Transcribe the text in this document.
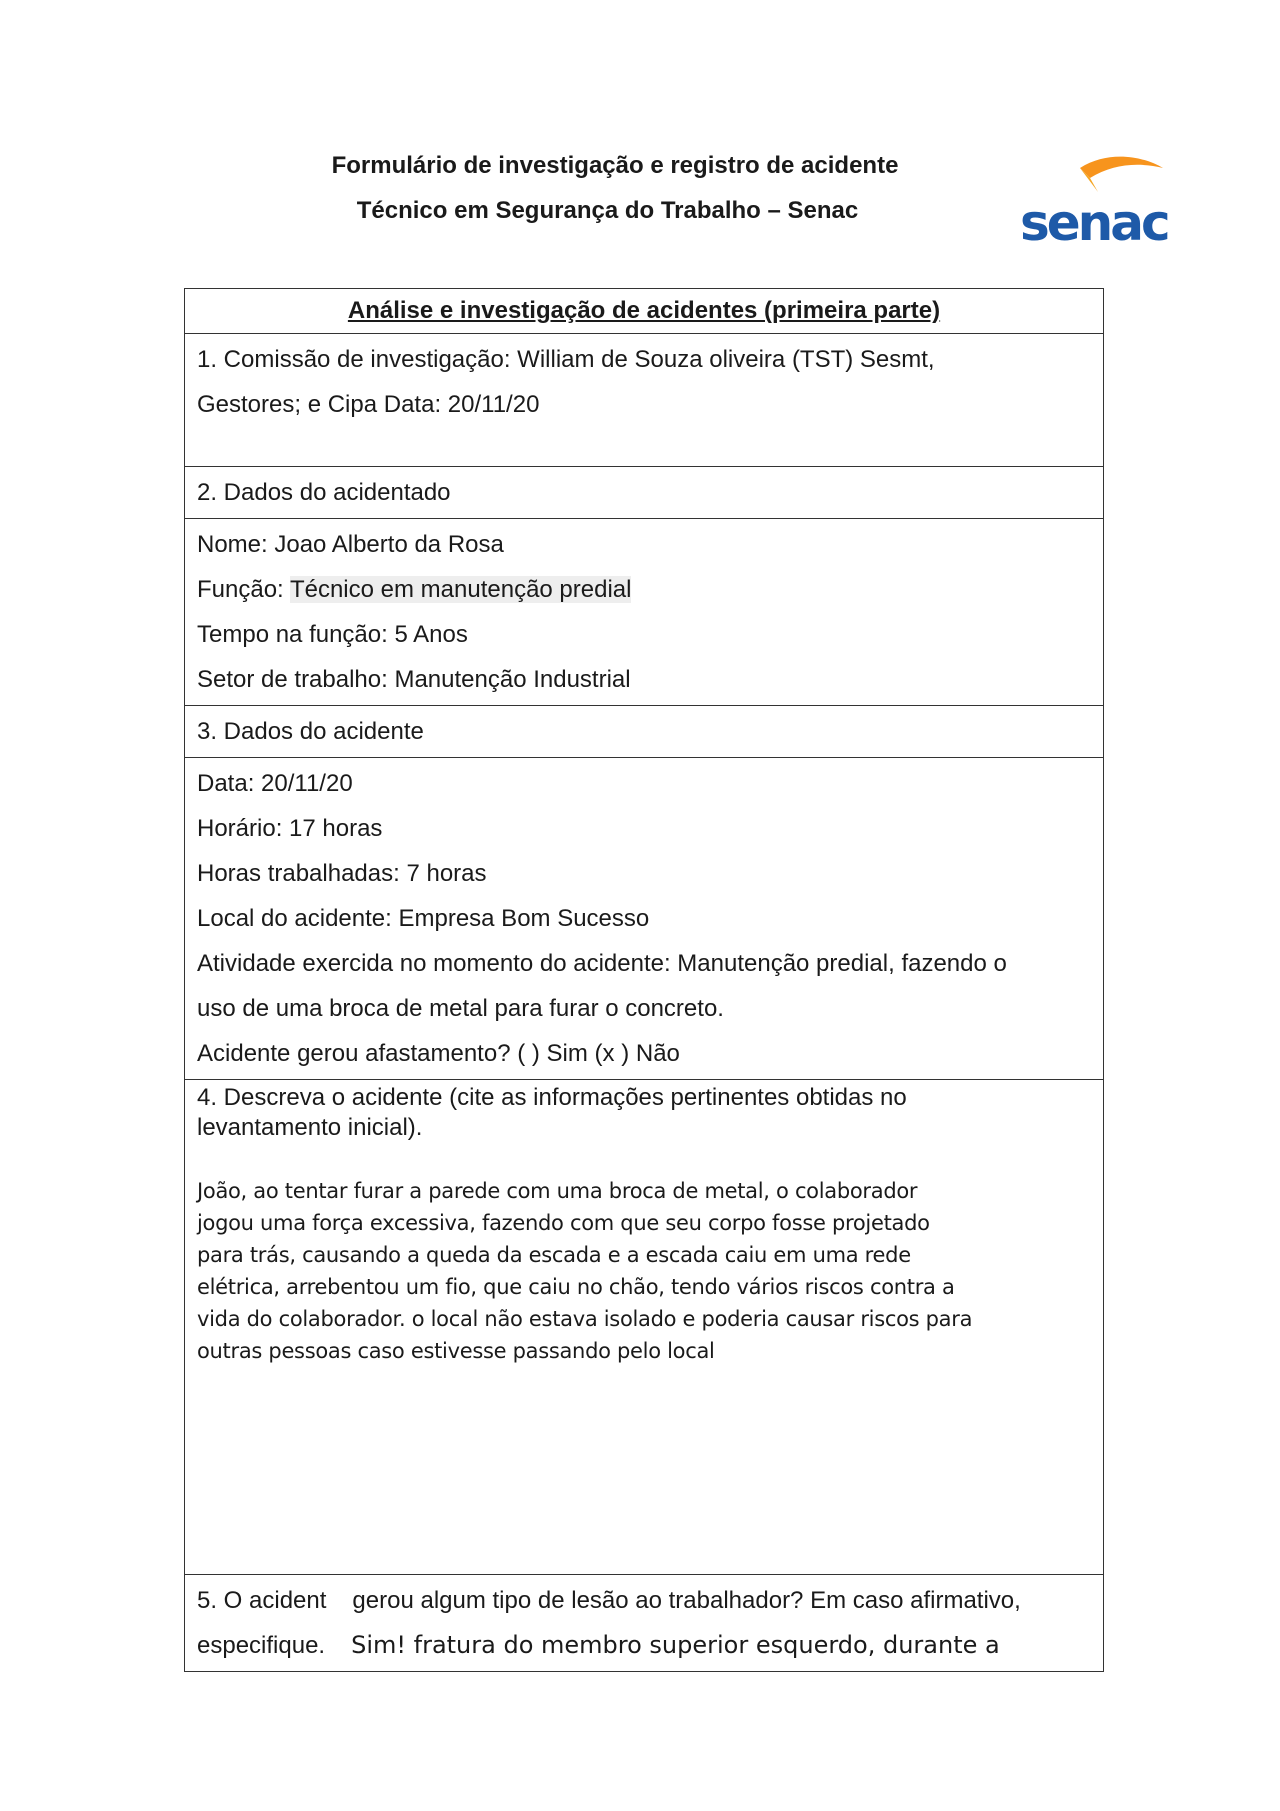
Formulário de investigação e registro de acidente
Técnico em Segurança do Trabalho – Senac	senac
Análise e investigação de acidentes (primeira parte)

1. Comissão de investigação: William de Souza oliveira (TST) Sesmt,
Gestores; e Cipa Data: 20/11/20

2. Dados do acidentado

Nome: Joao Alberto da Rosa
Função: Técnico em manutenção predial
Tempo na função: 5 Anos
Setor de trabalho: Manutenção Industrial

3. Dados do acidente

Data: 20/11/20
Horário: 17 horas
Horas trabalhadas: 7 horas
Local do acidente: Empresa Bom Sucesso
Atividade exercida no momento do acidente: Manutenção predial, fazendo o
uso de uma broca de metal para furar o concreto.
Acidente gerou afastamento? ( ) Sim (x ) Não

4. Descreva o acidente (cite as informações pertinentes obtidas no
levantamento inicial).
João, ao tentar furar a parede com uma broca de metal, o colaborador
jogou uma força excessiva, fazendo com que seu corpo fosse projetado
para trás, causando a queda da escada e a escada caiu em uma rede
elétrica, arrebentou um fio, que caiu no chão, tendo vários riscos contra a
vida do colaborador. o local não estava isolado e poderia causar riscos para
outras pessoas caso estivesse passando pelo local

5. O acident gerou algum tipo de lesão ao trabalhador? Em caso afirmativo,
especifique. Sim! fratura do membro superior esquerdo, durante a
